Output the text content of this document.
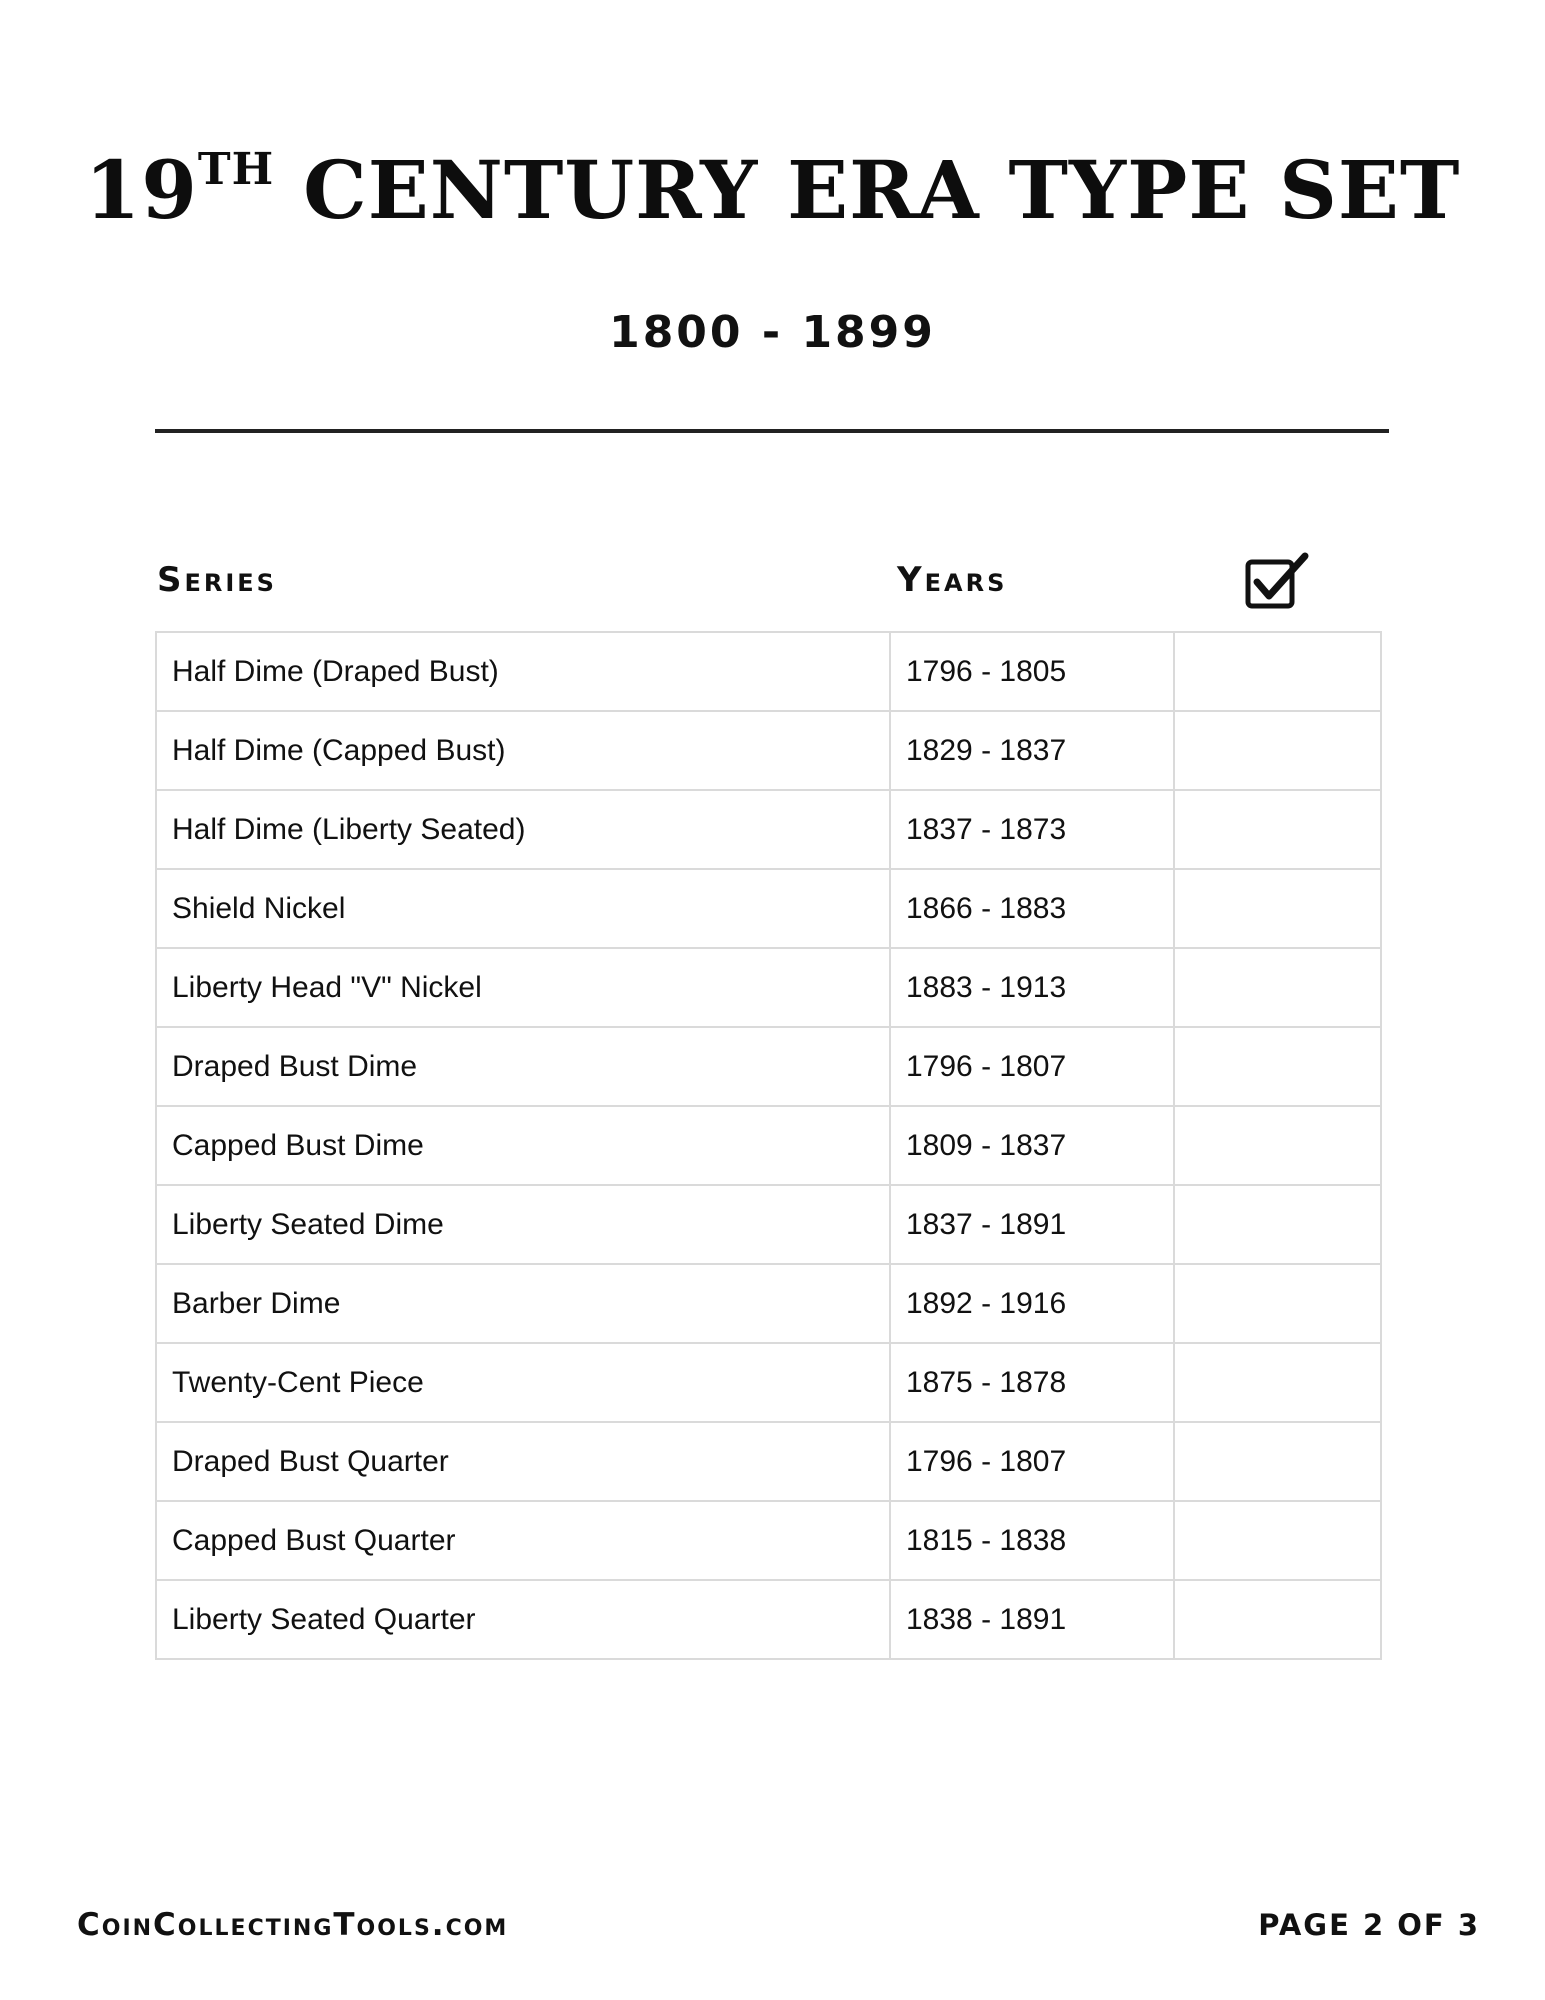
19TH CENTURY ERA TYPE SET
1800 - 1899
Series	Years
Half Dime (Draped Bust)	1796 - 1805	
Half Dime (Capped Bust)	1829 - 1837	
Half Dime (Liberty Seated)	1837 - 1873	
Shield Nickel	1866 - 1883	
Liberty Head "V" Nickel	1883 - 1913	
Draped Bust Dime	1796 - 1807	
Capped Bust Dime	1809 - 1837	
Liberty Seated Dime	1837 - 1891	
Barber Dime	1892 - 1916	
Twenty-Cent Piece	1875 - 1878	
Draped Bust Quarter	1796 - 1807	
Capped Bust Quarter	1815 - 1838	
Liberty Seated Quarter	1838 - 1891	
CoinCollectingTools.com	PAGE 2 OF 3
